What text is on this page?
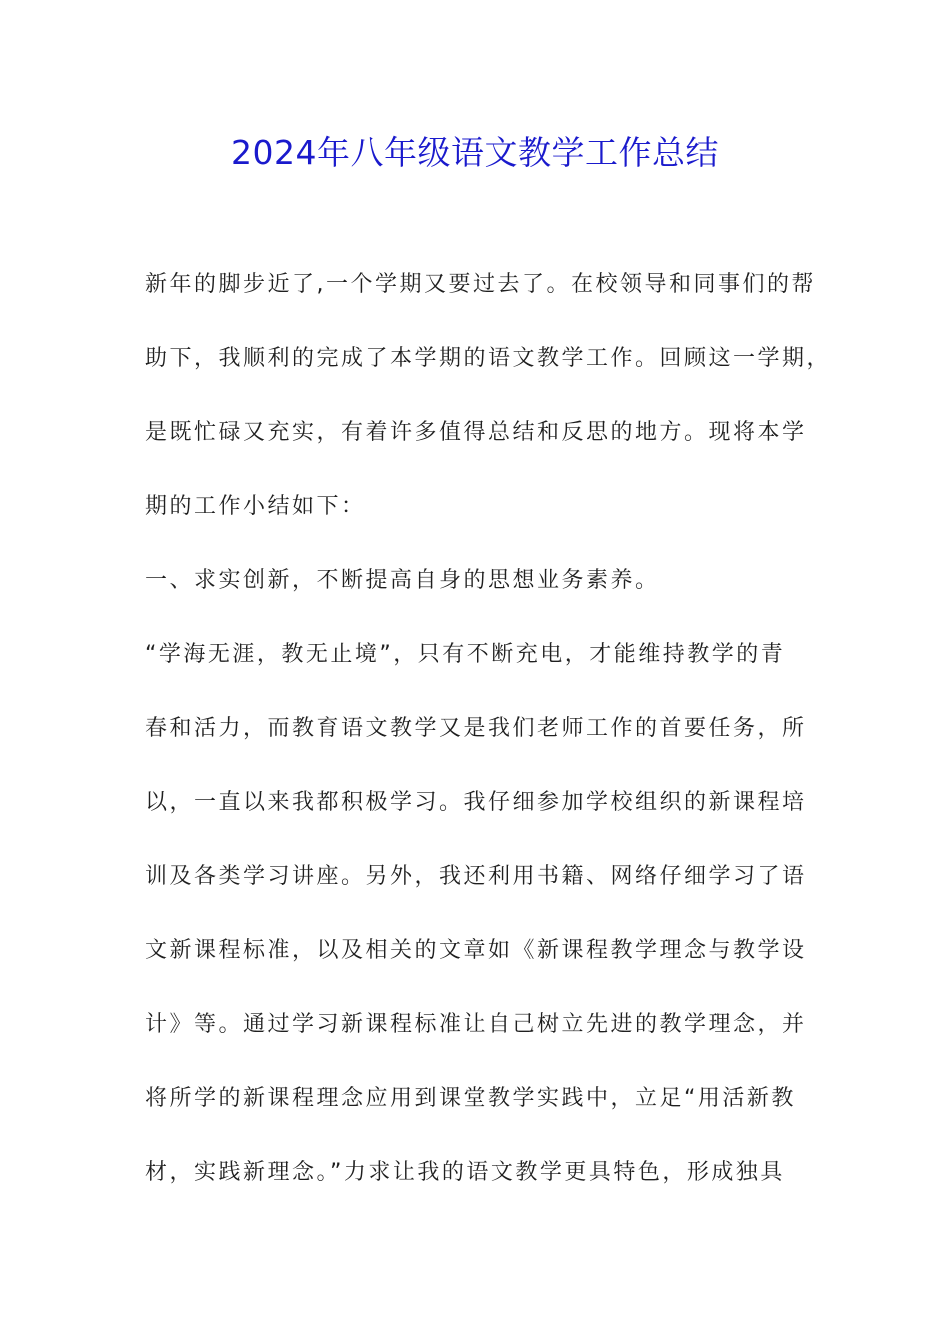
2024年八年级语文教学工作总结
新年的脚步近了,一个学期又要过去了。在校领导和同事们的帮
助下，我顺利的完成了本学期的语文教学工作。回顾这一学期，
是既忙碌又充实，有着许多值得总结和反思的地方。现将本学
期的工作小结如下：
一、求实创新，不断提高自身的思想业务素养。
“学海无涯，教无止境”，只有不断充电，才能维持教学的青
春和活力，而教育语文教学又是我们老师工作的首要任务，所
以，一直以来我都积极学习。我仔细参加学校组织的新课程培
训及各类学习讲座。另外，我还利用书籍、网络仔细学习了语
文新课程标准，以及相关的文章如《新课程教学理念与教学设
计》等。通过学习新课程标准让自己树立先进的教学理念，并
将所学的新课程理念应用到课堂教学实践中，立足“用活新教
材，实践新理念。”力求让我的语文教学更具特色，形成独具
